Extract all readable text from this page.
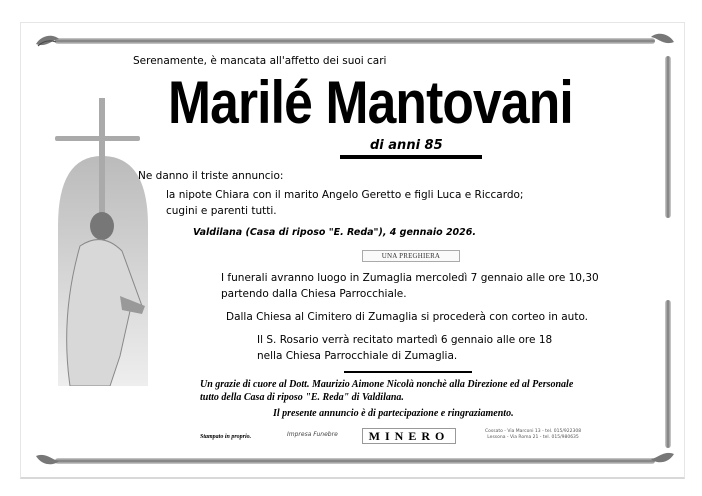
Serenamente, è mancata all'affetto dei suoi cari
Marilé Mantovani
di anni 85
Ne danno il triste annuncio:
la nipote Chiara con il marito Angelo Geretto e figli Luca e Riccardo;
cugini e parenti tutti.
Valdilana (Casa di riposo "E. Reda"), 4 gennaio 2026.
UNA PREGHIERA
I funerali avranno luogo in Zumaglia mercoledì 7 gennaio alle ore 10,30
partendo dalla Chiesa Parrocchiale.
Dalla Chiesa al Cimitero di Zumaglia si procederà con corteo in auto.
Il S. Rosario verrà recitato martedì 6 gennaio alle ore 18
nella Chiesa Parrocchiale di Zumaglia.
Un grazie di cuore al Dott. Maurizio Aimone Nicolà nonchè alla Direzione ed al Personale
tutto della Casa di riposo "E. Reda" di Valdilana.
Il presente annuncio è di partecipazione e ringraziamento.
Stampato in proprio.	Impresa Funebre	MINERO	Cossato - Via Marconi 13 - tel. 015/922308
Lessona - Via Roma 21 - tel. 015/980635
